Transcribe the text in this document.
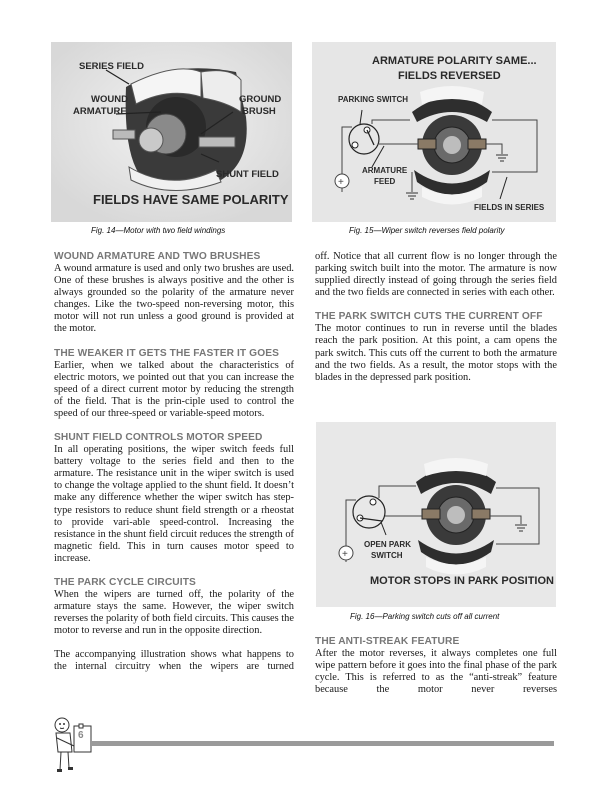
SERIES FIELD
WOUND
ARMATURE
GROUND
BRUSH
SHUNT FIELD
FIELDS HAVE SAME POLARITY
Fig. 14—Motor with two field windings
ARMATURE POLARITY SAME...
FIELDS REVERSED
PARKING SWITCH
+
ARMATURE
FEED
FIELDS IN SERIES
Fig. 15—Wiper switch reverses field polarity
WOUND ARMATURE AND TWO BRUSHES

A wound armature is used and only two brushes are used. One of these brushes is always positive and the other is always grounded so the polarity of the armature never changes. Like the two-speed non-reversing motor, this motor will not run unless a good ground is provided at the motor.

THE WEAKER IT GETS THE FASTER IT GOES

Earlier, when we talked about the characteristics of electric motors, we pointed out that you can increase the speed of a direct current motor by reducing the strength of the field. That is the prin-ciple used to control the speed of our three-speed or variable-speed motors.

SHUNT FIELD CONTROLS MOTOR SPEED

In all operating positions, the wiper switch feeds full battery voltage to the series field and then to the armature. The resistance unit in the wiper switch is used to change the voltage applied to the shunt field. It doesn’t make any difference whether the wiper switch has step-type resistors to reduce shunt field strength or a rheostat to provide vari-able speed-control. Increasing the resistance in the shunt field circuit reduces the strength of magnetic field. This in turn causes motor speed to increase.

THE PARK CYCLE CIRCUITS

When the wipers are turned off, the polarity of the armature stays the same. However, the wiper switch reverses the polarity of both field circuits. This causes the motor to reverse and run in the opposite direction.

The accompanying illustration shows what happens to the internal circuitry when the wipers are turned

off. Notice that all current flow is no longer through the parking switch built into the motor. The armature is now supplied directly instead of going through the series field and the two fields are connected in series with each other.

THE PARK SWITCH CUTS THE CURRENT OFF

The motor continues to run in reverse until the blades reach the park position. At this point, a cam opens the park switch. This cuts off the current to both the armature and the two fields. As a result, the motor stops with the blades in the depressed park position.

+
OPEN PARK
SWITCH
MOTOR STOPS IN PARK POSITION
Fig. 16—Parking switch cuts off all current
THE ANTI-STREAK FEATURE

After the motor reverses, it always completes one full wipe pattern before it goes into the final phase of the park cycle. This is referred to as the “anti-streak” feature because the motor never reverses

6
